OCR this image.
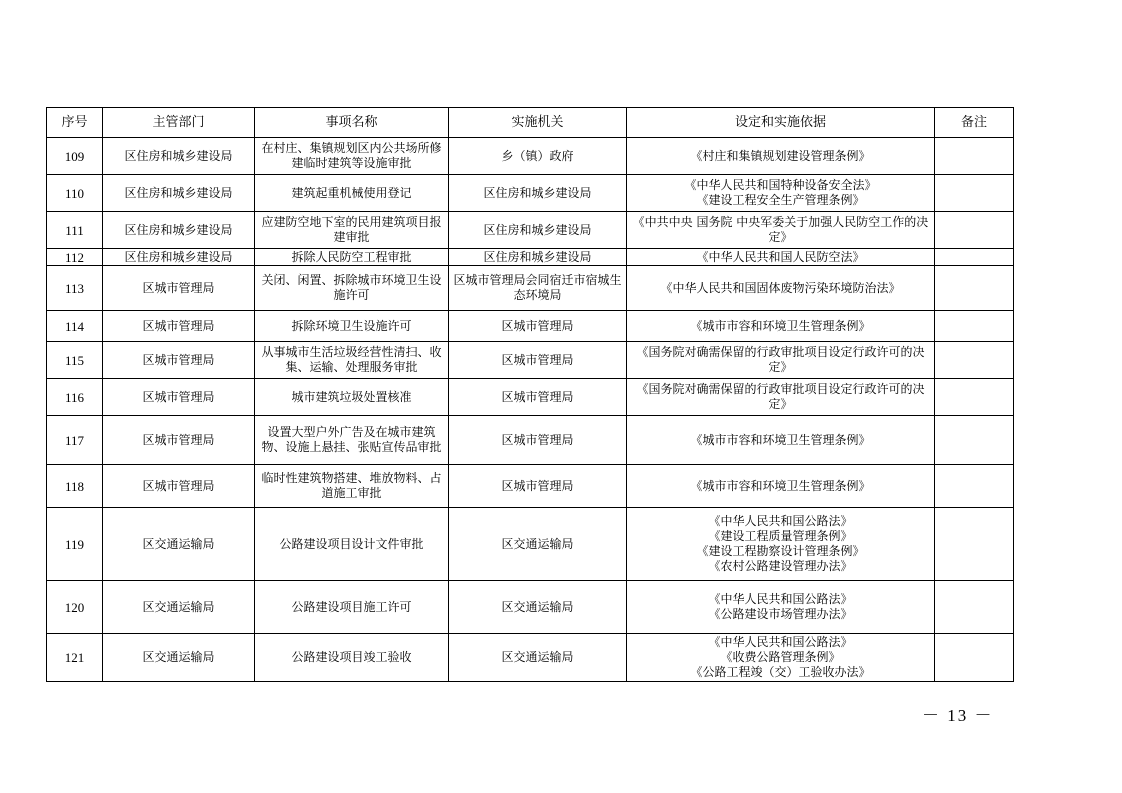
序号	主管部门	事项名称	实施机关	设定和实施依据	备注
109	区住房和城乡建设局	在村庄、集镇规划区内公共场所修建临时建筑等设施审批	乡（镇）政府	《村庄和集镇规划建设管理条例》	

110	区住房和城乡建设局	建筑起重机械使用登记	区住房和城乡建设局	《中华人民共和国特种设备安全法》
《建设工程安全生产管理条例》	

111	区住房和城乡建设局	应建防空地下室的民用建筑项目报建审批	区住房和城乡建设局	《中共中央 国务院 中央军委关于加强人民防空工作的决定》	

112	区住房和城乡建设局	拆除人民防空工程审批	区住房和城乡建设局	《中华人民共和国人民防空法》	

113	区城市管理局	关闭、闲置、拆除城市环境卫生设施许可	区城市管理局会同宿迁市宿城生态环境局	《中华人民共和国固体废物污染环境防治法》	

114	区城市管理局	拆除环境卫生设施许可	区城市管理局	《城市市容和环境卫生管理条例》	

115	区城市管理局	从事城市生活垃圾经营性清扫、收集、运输、处理服务审批	区城市管理局	《国务院对确需保留的行政审批项目设定行政许可的决定》	

116	区城市管理局	城市建筑垃圾处置核准	区城市管理局	《国务院对确需保留的行政审批项目设定行政许可的决定》	

117	区城市管理局	设置大型户外广告及在城市建筑物、设施上悬挂、张贴宣传品审批	区城市管理局	《城市市容和环境卫生管理条例》	

118	区城市管理局	临时性建筑物搭建、堆放物料、占道施工审批	区城市管理局	《城市市容和环境卫生管理条例》	

119	区交通运输局	公路建设项目设计文件审批	区交通运输局	《中华人民共和国公路法》
《建设工程质量管理条例》
《建设工程勘察设计管理条例》
《农村公路建设管理办法》	

120	区交通运输局	公路建设项目施工许可	区交通运输局	《中华人民共和国公路法》
《公路建设市场管理办法》	

121	区交通运输局	公路建设项目竣工验收	区交通运输局	《中华人民共和国公路法》
《收费公路管理条例》
《公路工程竣（交）工验收办法》	

－ 13 －
